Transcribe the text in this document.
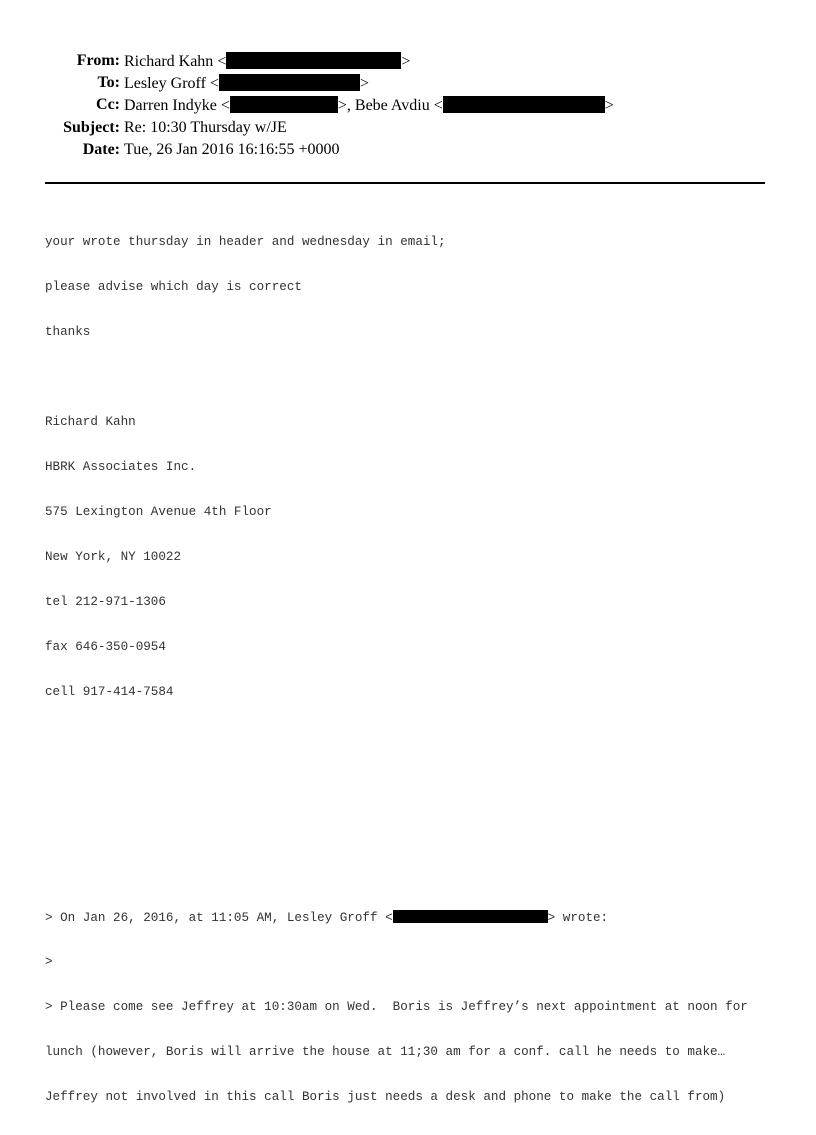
From: Richard Kahn <	>
To: Lesley Groff <	>
Cc: Darren Indyke <	>, Bebe Avdiu <	>
Subject: Re: 10:30 Thursday w/JE
Date: Tue, 26 Jan 2016 16:16:55 +0000

your wrote thursday in header and wednesday in email;

please advise which day is correct

thanks

Richard Kahn

HBRK Associates Inc.

575 Lexington Avenue 4th Floor

New York, NY 10022

tel 212-971-1306

fax 646-350-0954

cell 917-414-7584

> On Jan 26, 2016, at 11:05 AM, Lesley Groff <	> wrote:

>

> Please come see Jeffrey at 10:30am on Wed.  Boris is Jeffrey’s next appointment at noon for

lunch (however, Boris will arrive the house at 11;30 am for a conf. call he needs to make…

Jeffrey not involved in this call Boris just needs a desk and phone to make the call from)
